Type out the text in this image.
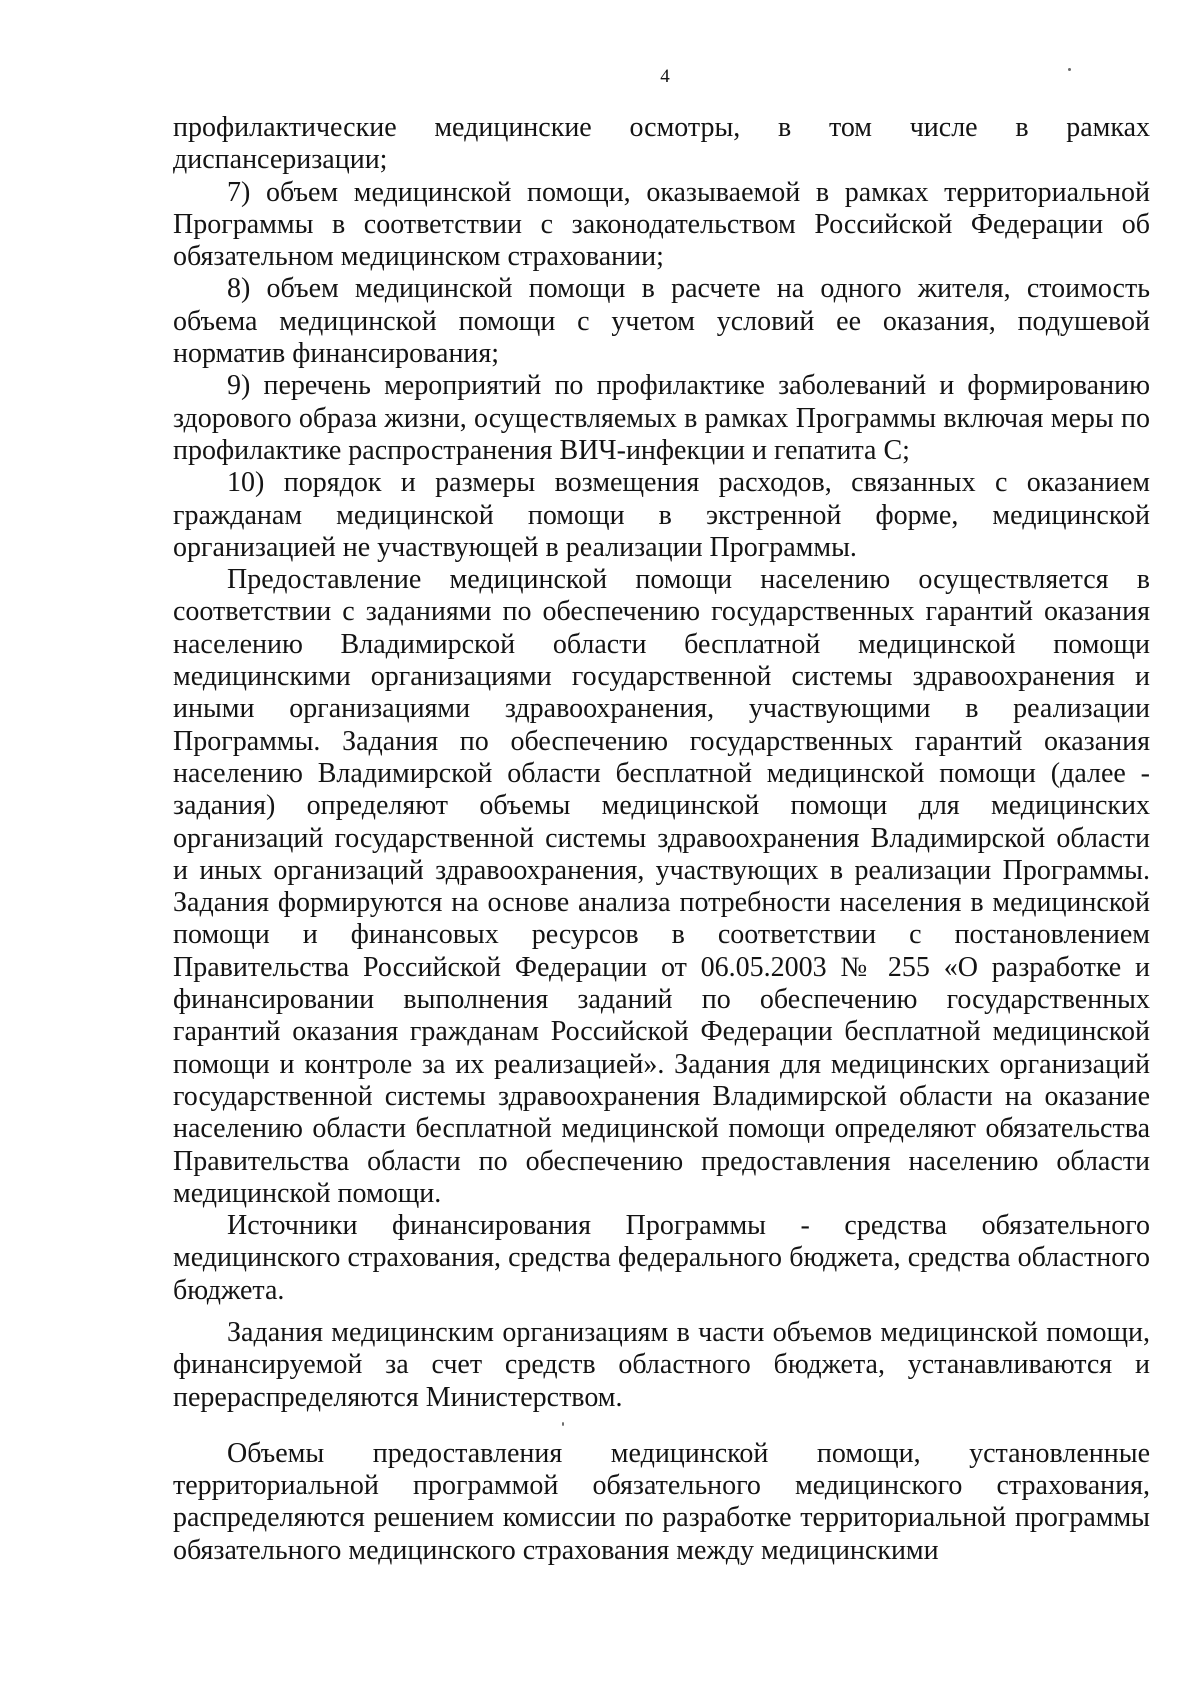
4

профилактические медицинские осмотры, в том числе в рамках диспансеризации;

7) объем медицинской помощи, оказываемой в рамках территориальной Программы в соответствии с законодательством Российской Федерации об обязательном медицинском страховании;

8) объем медицинской помощи в расчете на одного жителя, стоимость объема медицинской помощи с учетом условий ее оказания, подушевой норматив финансирования;

9) перечень мероприятий по профилактике заболеваний и формированию здорового образа жизни, осуществляемых в рамках Программы включая меры по профилактике распространения ВИЧ-инфекции и гепатита С;

10) порядок и размеры возмещения расходов, связанных с оказанием гражданам медицинской помощи в экстренной форме, медицинской организацией не участвующей в реализации Программы.

Предоставление медицинской помощи населению осуществляется в соответствии с заданиями по обеспечению государственных гарантий оказания населению Владимирской области бесплатной медицинской помощи медицинскими организациями государственной системы здравоохранения и иными организациями здравоохранения, участвующими в реализации Программы. Задания по обеспечению государственных гарантий оказания населению Владимирской области бесплатной медицинской помощи (далее - задания) определяют объемы медицинской помощи для медицинских организаций государственной системы здравоохранения Владимирской области и иных организаций здравоохранения, участвующих в реализации Программы. Задания формируются на основе анализа потребности населения в медицинской помощи и финансовых ресурсов в соответствии с постановлением Правительства Российской Федерации от 06.05.2003 № 255 «О разработке и финансировании выполнения заданий по обеспечению государственных гарантий оказания гражданам Российской Федерации бесплатной медицинской помощи и контроле за их реализацией». Задания для медицинских организаций государственной системы здравоохранения Владимирской области на оказание населению области бесплатной медицинской помощи определяют обязательства Правительства области по обеспечению предоставления населению области медицинской помощи.

Источники финансирования Программы - средства обязательного медицинского страхования, средства федерального бюджета, средства областного бюджета.

Задания медицинским организациям в части объемов медицинской помощи, финансируемой за счет средств областного бюджета, устанавливаются и перераспределяются Министерством.

Объемы предоставления медицинской помощи, установленные территориальной программой обязательного медицинского страхования, распределяются решением комиссии по разработке территориальной программы обязательного медицинского страхования между медицинскими
